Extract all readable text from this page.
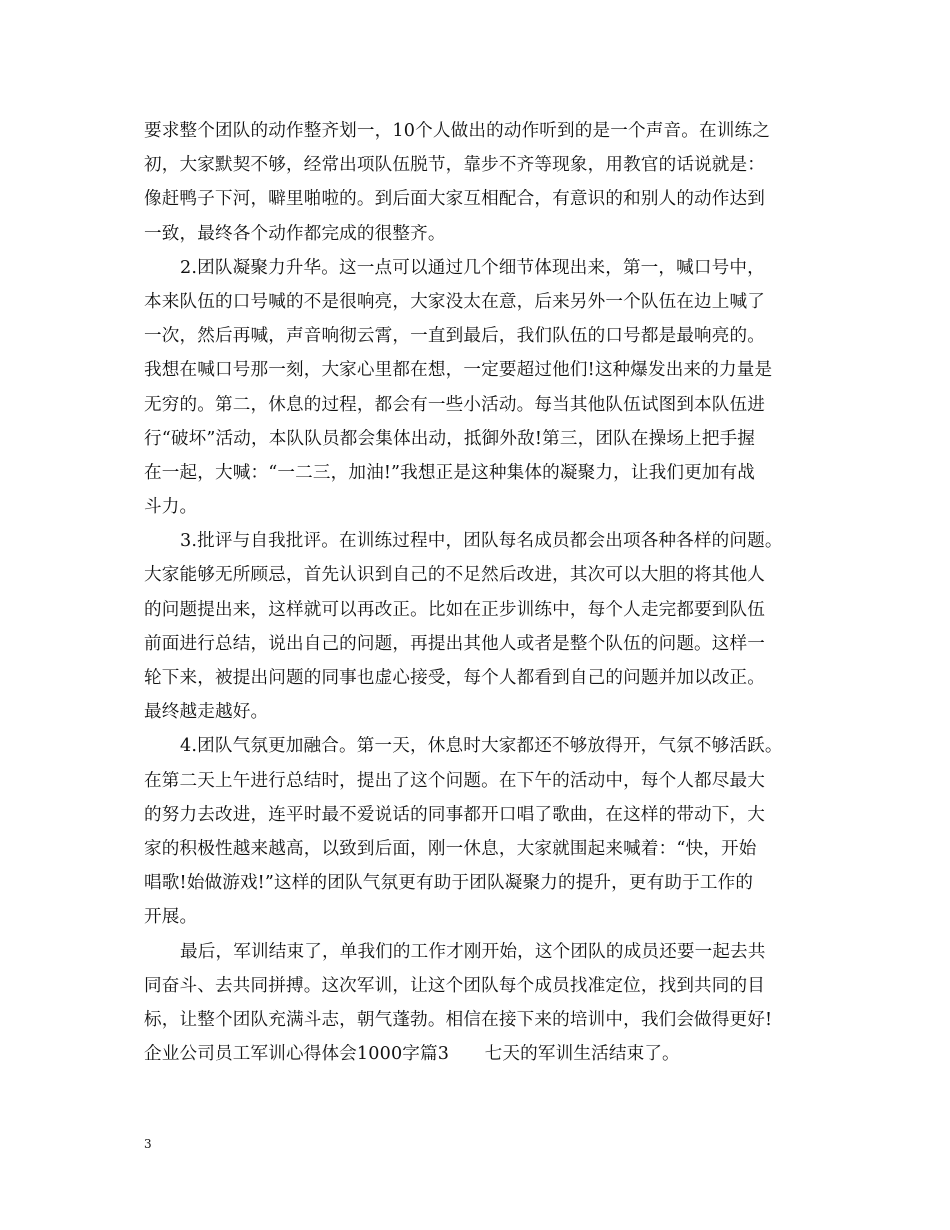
要求整个团队的动作整齐划一，10个人做出的动作听到的是一个声音。在训练之
初，大家默契不够，经常出项队伍脱节，靠步不齐等现象，用教官的话说就是：
像赶鸭子下河，噼里啪啦的。到后面大家互相配合，有意识的和别人的动作达到
一致，最终各个动作都完成的很整齐。
2.团队凝聚力升华。这一点可以通过几个细节体现出来，第一，喊口号中，
本来队伍的口号喊的不是很响亮，大家没太在意，后来另外一个队伍在边上喊了
一次，然后再喊，声音响彻云霄，一直到最后，我们队伍的口号都是最响亮的。
我想在喊口号那一刻，大家心里都在想，一定要超过他们!这种爆发出来的力量是
无穷的。第二，休息的过程，都会有一些小活动。每当其他队伍试图到本队伍进
行“破坏”活动，本队队员都会集体出动，抵御外敌!第三，团队在操场上把手握
在一起，大喊：“一二三，加油!”我想正是这种集体的凝聚力，让我们更加有战
斗力。
3.批评与自我批评。在训练过程中，团队每名成员都会出项各种各样的问题。
大家能够无所顾忌，首先认识到自己的不足然后改进，其次可以大胆的将其他人
的问题提出来，这样就可以再改正。比如在正步训练中，每个人走完都要到队伍
前面进行总结，说出自己的问题，再提出其他人或者是整个队伍的问题。这样一
轮下来，被提出问题的同事也虚心接受，每个人都看到自己的问题并加以改正。
最终越走越好。
4.团队气氛更加融合。第一天，休息时大家都还不够放得开，气氛不够活跃。
在第二天上午进行总结时，提出了这个问题。在下午的活动中，每个人都尽最大
的努力去改进，连平时最不爱说话的同事都开口唱了歌曲，在这样的带动下，大
家的积极性越来越高，以致到后面，刚一休息，大家就围起来喊着：“快，开始
唱歌!始做游戏!”这样的团队气氛更有助于团队凝聚力的提升，更有助于工作的
开展。
最后，军训结束了，单我们的工作才刚开始，这个团队的成员还要一起去共
同奋斗、去共同拼搏。这次军训，让这个团队每个成员找准定位，找到共同的目
标，让整个团队充满斗志，朝气蓬勃。相信在接下来的培训中，我们会做得更好!
企业公司员工军训心得体会1000字篇3　　七天的军训生活结束了。
3
